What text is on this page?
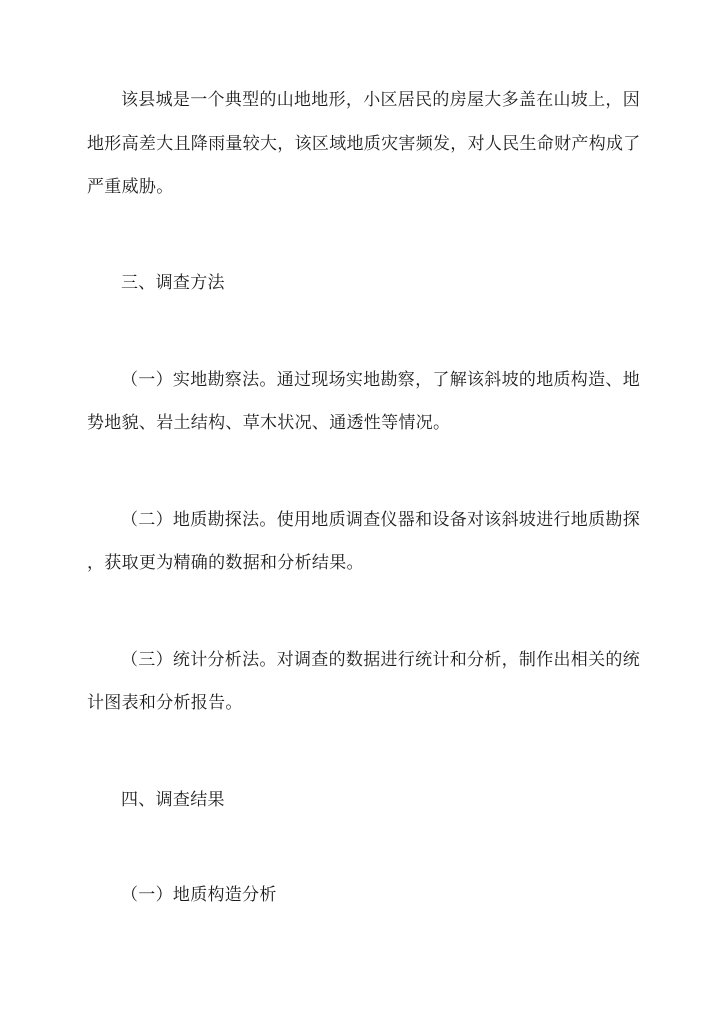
该县城是一个典型的山地地形，小区居民的房屋大多盖在山坡上，因
地形高差大且降雨量较大，该区域地质灾害频发，对人民生命财产构成了
严重威胁。
三、调查方法
（一）实地勘察法。通过现场实地勘察，了解该斜坡的地质构造、地
势地貌、岩土结构、草木状况、通透性等情况。
（二）地质勘探法。使用地质调查仪器和设备对该斜坡进行地质勘探
，获取更为精确的数据和分析结果。
（三）统计分析法。对调查的数据进行统计和分析，制作出相关的统
计图表和分析报告。
四、调查结果
（一）地质构造分析
